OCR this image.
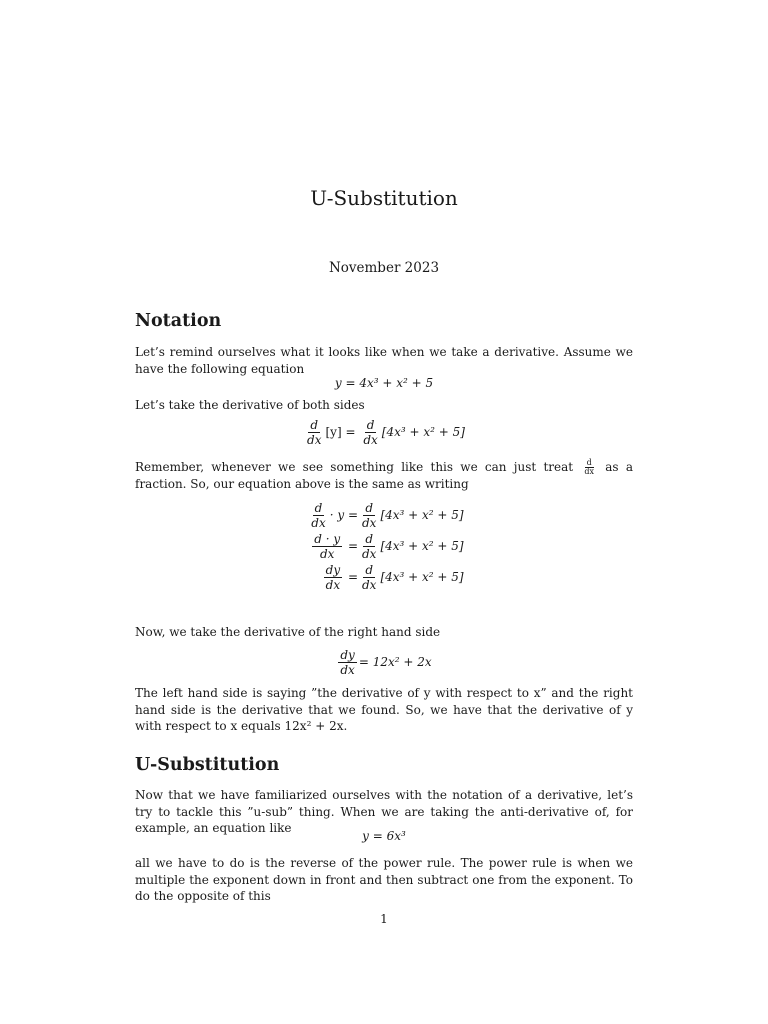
U-Substitution
November 2023
Notation
Let’s remind ourselves what it looks like when we take a derivative. Assume we have the following equation
y = 4x³ + x² + 5
Let’s take the derivative of both sides
$\frac{d}{dx} [y] = \frac{d}{dx} [4x^3 + x^2 + 5]$
Remember, whenever we see something like this we can just treat $\frac{d}{dx}$ as a fraction. So, our equation above is the same as writing
$\frac{d}{dx} \cdot y = \frac{d}{dx} [4x^3 + x^2 + 5]$
$\frac{d \cdot y}{dx} = \frac{d}{dx} [4x^3 + x^2 + 5]$
$\frac{dy}{dx} = \frac{d}{dx} [4x^3 + x^2 + 5]$
Now, we take the derivative of the right hand side
$\frac{dy}{dx} = 12x^2 + 2x$
The left hand side is saying ”the derivative of y with respect to x” and the right hand side is the derivative that we found. So, we have that the derivative of y with respect to x equals 12x² + 2x.
U-Substitution
Now that we have familiarized ourselves with the notation of a derivative, let’s try to tackle this ”u-sub” thing. When we are taking the anti-derivative of, for example, an equation like
y = 6x³
all we have to do is the reverse of the power rule. The power rule is when we multiple the exponent down in front and then subtract one from the exponent. To do the opposite of this
1
